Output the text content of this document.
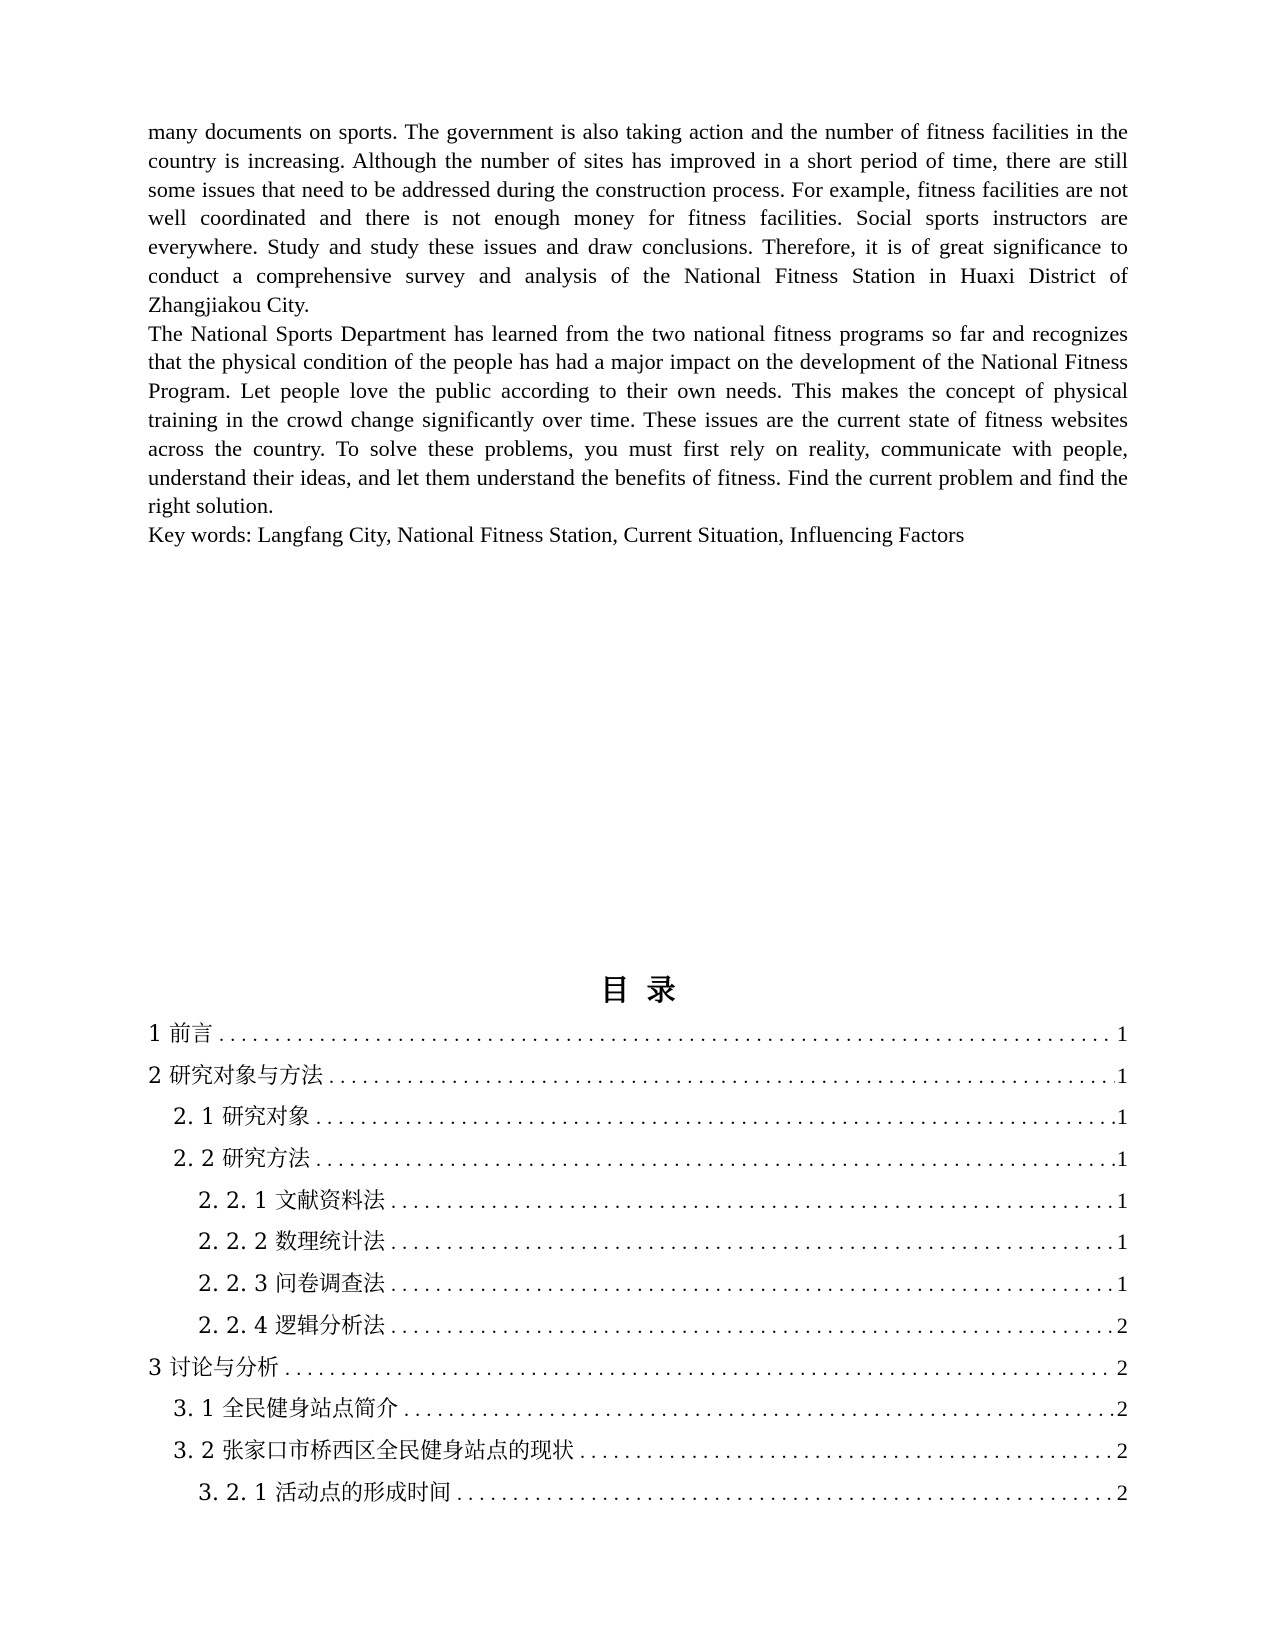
many documents on sports. The government is also taking action and the number of fitness facilities in the country is increasing. Although the number of sites has improved in a short period of time, there are still some issues that need to be addressed during the construction process. For example, fitness facilities are not well coordinated and there is not enough money for fitness facilities. Social sports instructors are everywhere. Study and study these issues and draw conclusions. Therefore, it is of great significance to conduct a comprehensive survey and analysis of the National Fitness Station in Huaxi District of Zhangjiakou City.

The National Sports Department has learned from the two national fitness programs so far and recognizes that the physical condition of the people has had a major impact on the development of the National Fitness Program. Let people love the public according to their own needs. This makes the concept of physical training in the crowd change significantly over time. These issues are the current state of fitness websites across the country. To solve these problems, you must first rely on reality, communicate with people, understand their ideas, and let them understand the benefits of fitness. Find the current problem and find the right solution.

Key words: Langfang City, National Fitness Station, Current Situation, Influencing Factors

目录
1 前言 .....	1
2 研究对象与方法 .....	1
2. 1 研究对象 .....	1
2. 2 研究方法 .....	1
2. 2. 1 文献资料法 .....	1
2. 2. 2 数理统计法 .....	1
2. 2. 3 问卷调查法 .....	1
2. 2. 4 逻辑分析法 .....	2
3 讨论与分析 .....	2
3. 1 全民健身站点简介 .....	2
3. 2 张家口市桥西区全民健身站点的现状 .....	2
3. 2. 1 活动点的形成时间 .....	2
